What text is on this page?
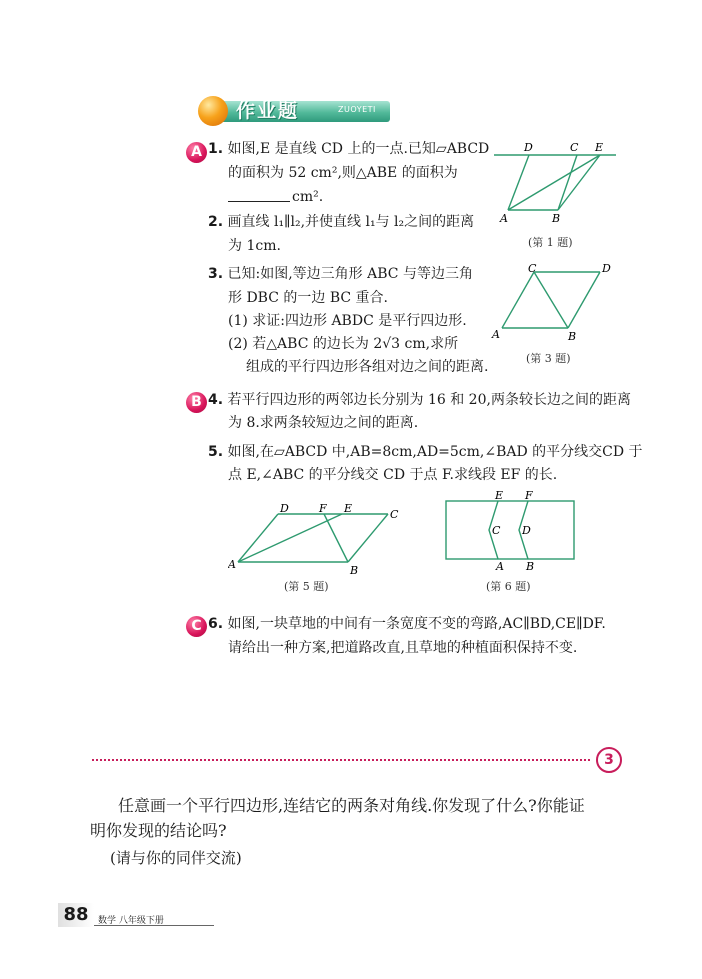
作业题	ZUOYETI
A 1. 如图,E 是直线 CD 上的一点.已知▱ABCD
的面积为 52 cm²,则△ABE 的面积为
cm².
2. 画直线 l₁∥l₂,并使直线 l₁与 l₂之间的距离
为 1cm.
3. 已知:如图,等边三角形 ABC 与等边三角
形 DBC 的一边 BC 重合.
(1) 求证:四边形 ABDC 是平行四边形.
(2) 若△ABC 的边长为 2√3 cm,求所
组成的平行四边形各组对边之间的距离.
D	C E
A	B
(第 1 题)
C	D
A	B
(第 3 题)
B 4. 若平行四边形的两邻边长分别为 16 和 20,两条较长边之间的距离
为 8.求两条较短边之间的距离.
5. 如图,在▱ABCD 中,AB=8cm,AD=5cm,∠BAD 的平分线交CD 于
点 E,∠ABC 的平分线交 CD 于点 F.求线段 EF 的长.
D	F E	C
A	B
(第 5 题)
E F
C D
A B
(第 6 题)
C 6. 如图,一块草地的中间有一条宽度不变的弯路,AC∥BD,CE∥DF.
请给出一种方案,把道路改直,且草地的种植面积保持不变.
3
任意画一个平行四边形,连结它的两条对角线.你发现了什么?你能证
明你发现的结论吗?
(请与你的同伴交流)
88	数学 八年级下册
